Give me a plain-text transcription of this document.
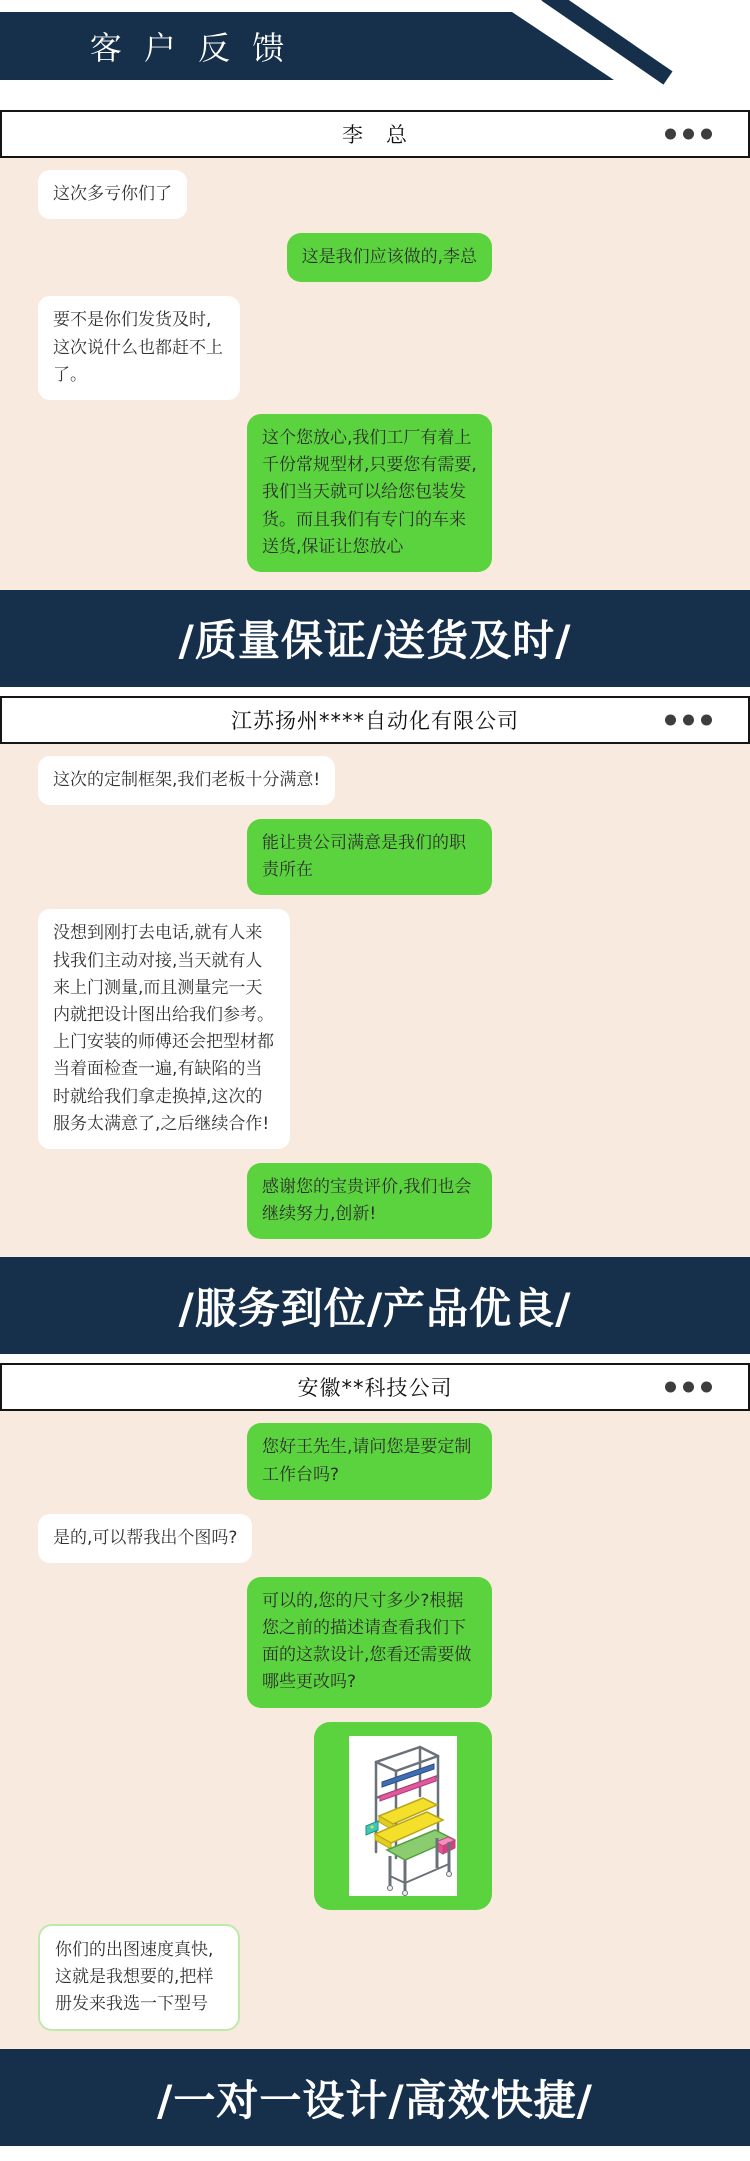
客 户 反 馈
李　总
这次多亏你们了
这是我们应该做的,李总
要不是你们发货及时,这次说什么也都赶不上了。
这个您放心,我们工厂有着上千份常规型材,只要您有需要,我们当天就可以给您包装发货。而且我们有专门的车来送货,保证让您放心
/质量保证/送货及时/
江苏扬州****自动化有限公司
这次的定制框架,我们老板十分满意!
能让贵公司满意是我们的职责所在
没想到刚打去电话,就有人来找我们主动对接,当天就有人来上门测量,而且测量完一天内就把设计图出给我们参考。上门安装的师傅还会把型材都当着面检查一遍,有缺陷的当时就给我们拿走换掉,这次的服务太满意了,之后继续合作!
感谢您的宝贵评价,我们也会继续努力,创新!
/服务到位/产品优良/
安徽**科技公司
您好王先生,请问您是要定制工作台吗?
是的,可以帮我出个图吗?
可以的,您的尺寸多少?根据您之前的描述请查看我们下面的这款设计,您看还需要做哪些更改吗?
你们的出图速度真快,这就是我想要的,把样册发来我选一下型号
/一对一设计/高效快捷/
